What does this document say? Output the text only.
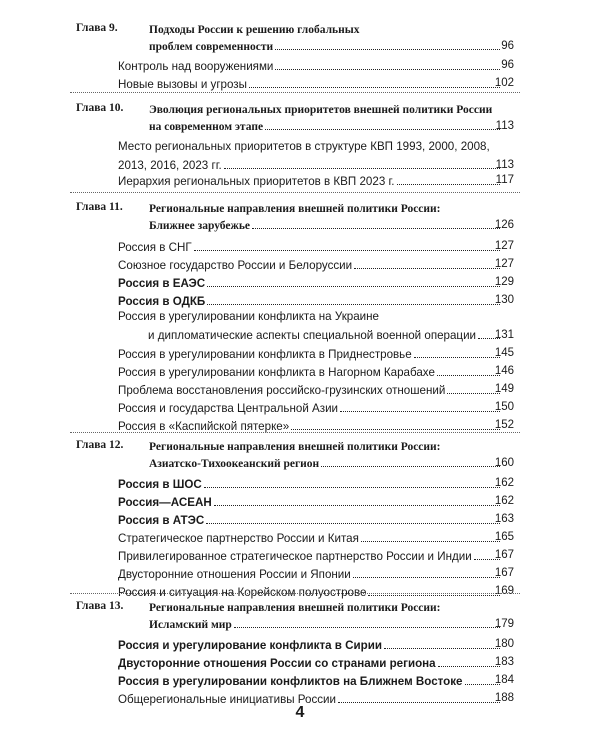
Глава 9.	Подходы России к решению глобальных
проблем современности	96
Контроль над вооружениями	96
Новые вызовы и угрозы	102
Глава 10. Эволюция региональных приоритетов внешней политики России
на современном этапе	113
Место региональных приоритетов в структуре КВП 1993, 2000, 2008,
2013, 2016, 2023 гг.	113
Иерархия региональных приоритетов в КВП 2023 г.	117
Глава 11. Региональные направления внешней политики России:
Ближнее зарубежье	126
Россия в СНГ	127
Союзное государство России и Белоруссии	127
Россия в ЕАЭС	129
Россия в ОДКБ	130
Россия в урегулировании конфликта на Украине
и дипломатические аспекты специальной военной операции	131
Россия в урегулировании конфликта в Приднестровье	145
Россия в урегулировании конфликта в Нагорном Карабахе	146
Проблема восстановления российско-грузинских отношений	149
Россия и государства Центральной Азии	150
Россия в «Каспийской пятерке»	152
Глава 12. Региональные направления внешней политики России:
Азиатско-Тихоокеанский регион	160
Россия в ШОС	162
Россия—АСЕАН	162
Россия в АТЭС	163
Стратегическое партнерство России и Китая	165
Привилегированное стратегическое партнерство России и Индии	167
Двусторонние отношения России и Японии	167
Россия и ситуация на Корейском полуострове	169
Глава 13. Региональные направления внешней политики России:
Исламский мир	179
Россия и урегулирование конфликта в Сирии	180
Двусторонние отношения России со странами региона	183
Россия в урегулировании конфликтов на Ближнем Востоке	184
Общерегиональные инициативы России	188
4
